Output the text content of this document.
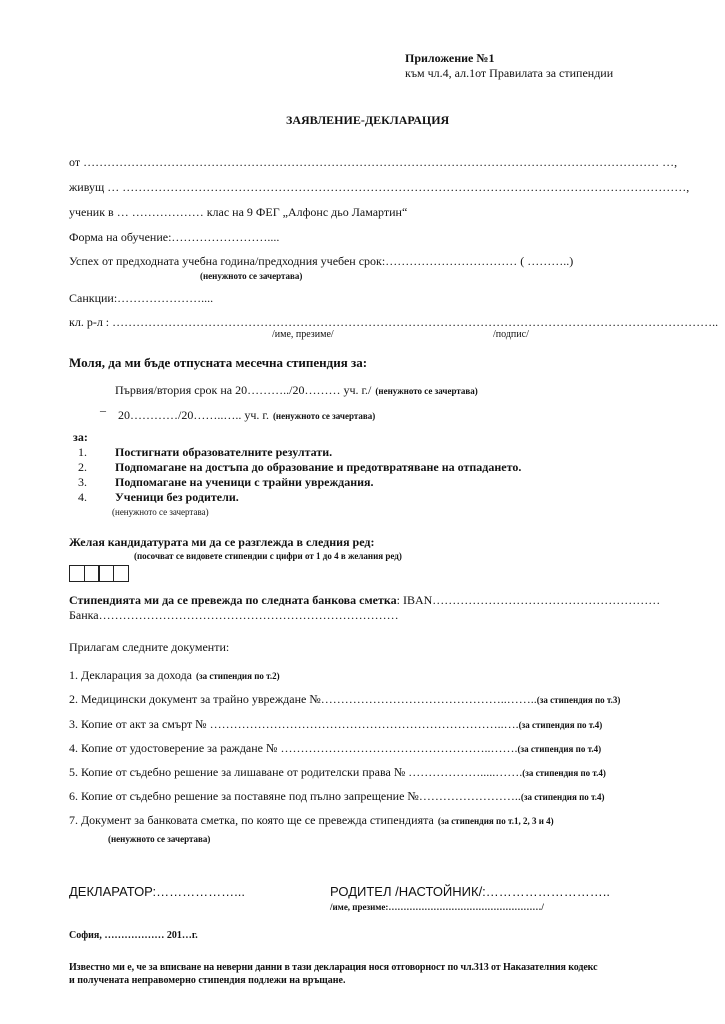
Приложение №1
към чл.4, ал.1от Правилата за стипендии
ЗАЯВЛЕНИЕ-ДЕКЛАРАЦИЯ
от ……………………………………………………………………………………………………………………………… …,
живущ … ……………………………………………………………………………………………………………………………,
ученик в … ……………… клас на 9 ФЕГ „Алфонс дьо Ламартин“
Форма на обучение:……………………....
Успех от предходната учебна година/предходния учебен срок:…………………………… ( ………..)
(ненужното се зачертава)
Санкции:…………………....
кл. р-л : ……………………………………………………………………………………………………………………………………..
/име, презиме/	/подпис/
Моля, да ми бъде отпусната месечна стипендия за:
Първия/втория срок на 20………../20……… уч. г./ (ненужното се зачертава)
– 20…………/20……..….. уч. г. (ненужното се зачертава)
за:
1. Постигнати образователните резултати.
2. Подпомагане на достъпа до образование и предотвратяване на отпадането.
3. Подпомагане на ученици с трайни увреждания.
4. Ученици без родители.
(ненужното се зачертава)
Желая кандидатурата ми да се разглежда в следния ред:
(посочват се видовете стипендии с цифри от 1 до 4 в желания ред)
Стипендията ми да се превежда по следната банкова сметка: IBAN…………………………………………………
Банка…………………………………………………………………
Прилагам следните документи:
1. Декларация за дохода (за стипендия по т.2)
2. Медицински документ за трайно увреждане №………………………………………..……..(за стипендия по т.3)
3. Копие от акт за смърт № ………………………………………………………………..….(за стипендия по т.4)
4. Копие от удостоверение за раждане № ……………………………………………..…….(за стипендия по т.4)
5. Копие от съдебно решение за лишаване от родителски права № ……………….....…….(за стипендия по т.4)
6. Копие от съдебно решение за поставяне под пълно запрещение №……………………..(за стипендия по т.4)
7. Документ за банковата сметка, по която ще се превежда стипендията (за стипендия по т.1, 2, 3 и 4)
(ненужното се зачертава)
ДЕКЛАРАТОР:………………...	РОДИТЕЛ /НАСТОЙНИК/:………………………..
/име, презиме:……………………………………………/
София, ……………… 201…г.
Известно ми е, че за вписване на неверни данни в тази декларация нося отговорност по чл.313 от Наказателния кодекс
и получената неправомерно стипендия подлежи на връщане.
